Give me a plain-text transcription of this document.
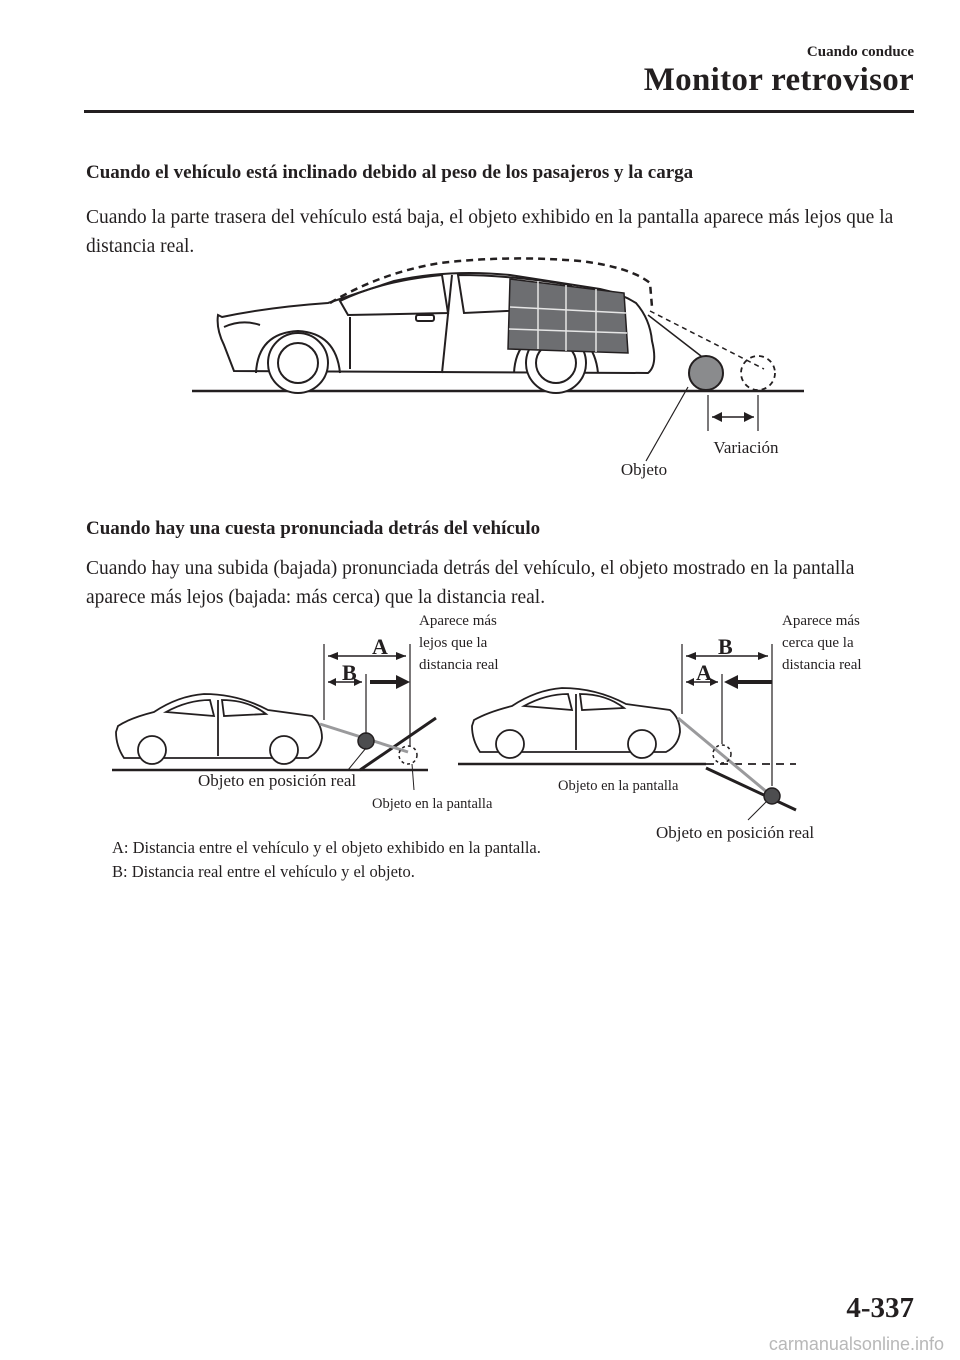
Cuando conduce
Monitor retrovisor
Cuando el vehículo está inclinado debido al peso de los pasajeros y la carga
Cuando la parte trasera del vehículo está baja, el objeto exhibido en la pantalla aparece más lejos que la distancia real.
Variación
Objeto
Cuando hay una cuesta pronunciada detrás del vehículo
Cuando hay una subida (bajada) pronunciada detrás del vehículo, el objeto mostrado en la pantalla aparece más lejos (bajada: más cerca) que la distancia real.
A
B
Aparece más
lejos que la
distancia real
Objeto en posición real
Objeto en la pantalla
B
A
Aparece más
cerca que la
distancia real
Objeto en la pantalla
Objeto en posición real
A: Distancia entre el vehículo y el objeto exhibido en la pantalla.
B: Distancia real entre el vehículo y el objeto.
4-337
carmanualsonline.info
